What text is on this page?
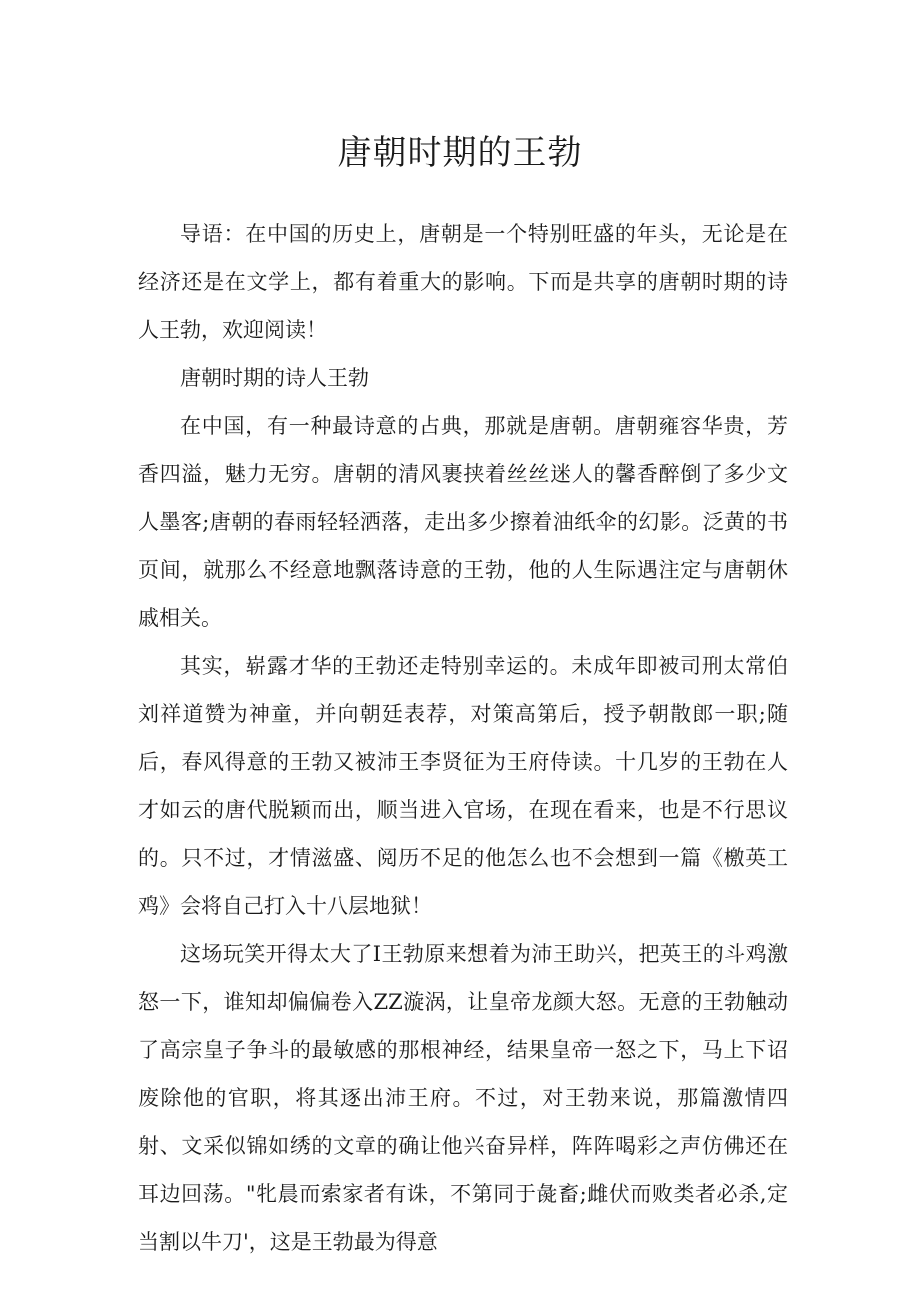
唐朝时期的王勃

导语：在中国的历史上，唐朝是一个特别旺盛的年头，无论是在经济还是在文学上，都有着重大的影响。下而是共享的唐朝时期的诗人王勃，欢迎阅读！

唐朝时期的诗人王勃

在中国，有一种最诗意的占典，那就是唐朝。唐朝雍容华贵，芳香四溢，魅力无穷。唐朝的清风裹挟着丝丝迷人的馨香醉倒了多少文人墨客;唐朝的春雨轻轻洒落，走出多少擦着油纸伞的幻影。泛黄的书页间，就那么不经意地飘落诗意的王勃，他的人生际遇注定与唐朝休戚相关。

其实，崭露才华的王勃还走特别幸运的。未成年即被司刑太常伯刘祥道赞为神童，并向朝廷表荐，对策高第后，授予朝散郎一职;随后，春风得意的王勃又被沛王李贤征为王府侍读。十几岁的王勃在人才如云的唐代脱颖而出，顺当进入官场，在现在看来，也是不行思议的。只不过，才情滋盛、阅历不足的他怎么也不会想到一篇《檄英工鸡》会将自己打入十八层地狱！

这场玩笑开得太大了I王勃原来想着为沛王助兴，把英王的斗鸡激怒一下，谁知却偏偏卷入ZZ漩涡，让皇帝龙颜大怒。无意的王勃触动了高宗皇子争斗的最敏感的那根神经，结果皇帝一怒之下，马上下诏废除他的官职，将其逐出沛王府。不过，对王勃来说，那篇激情四射、文采似锦如绣的文章的确让他兴奋异样，阵阵喝彩之声仿佛还在耳边回荡。"牝晨而索家者有诛，不第同于彘畜;雌伏而败类者必杀,定当割以牛刀'，这是王勃最为得意
